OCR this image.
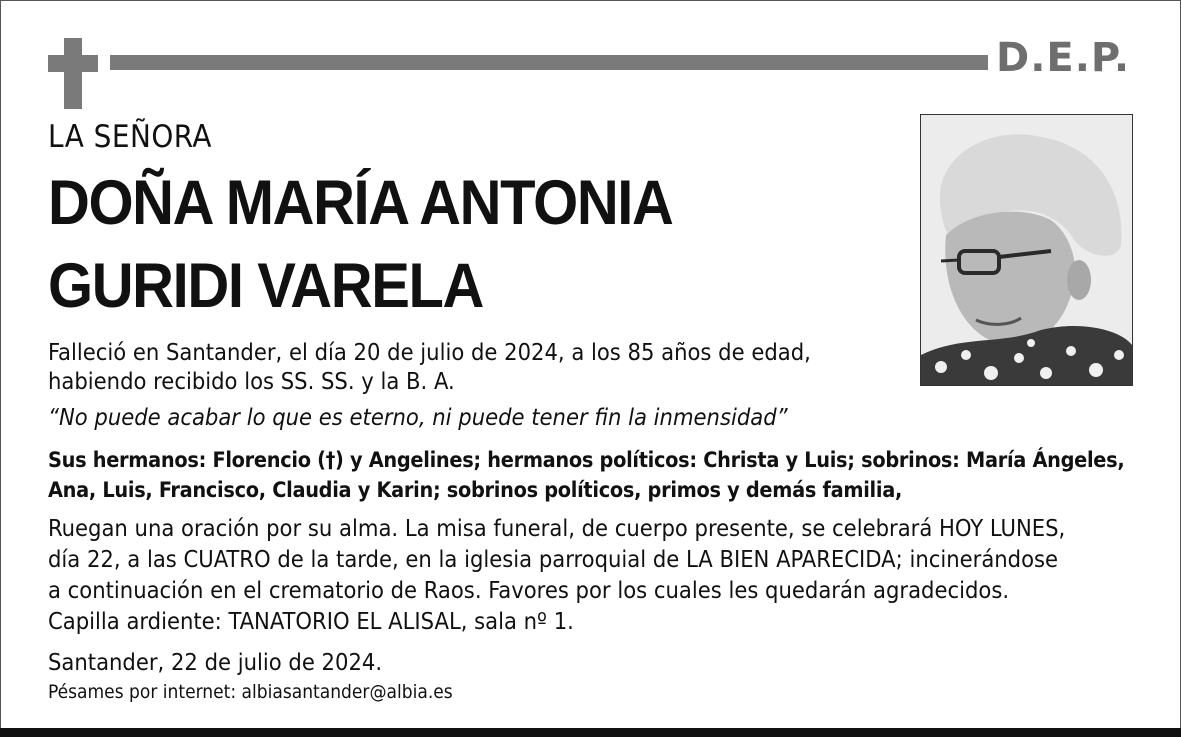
D.E.P.
LA SEÑORA
DOÑA MARÍA ANTONIA
GURIDI VARELA
Falleció en Santander, el día 20 de julio de 2024, a los 85 años de edad,
habiendo recibido los SS. SS. y la B. A.
“No puede acabar lo que es eterno, ni puede tener fin la inmensidad”
Sus hermanos: Florencio (†) y Angelines; hermanos políticos: Christa y Luis; sobrinos: María Ángeles,
Ana, Luis, Francisco, Claudia y Karin; sobrinos políticos, primos y demás familia,
Ruegan una oración por su alma. La misa funeral, de cuerpo presente, se celebrará HOY LUNES,
día 22, a las CUATRO de la tarde, en la iglesia parroquial de LA BIEN APARECIDA; incinerándose
a continuación en el crematorio de Raos. Favores por los cuales les quedarán agradecidos.
Capilla ardiente: TANATORIO EL ALISAL, sala nº 1.
Santander, 22 de julio de 2024.
Pésames por internet: albiasantander@albia.es
